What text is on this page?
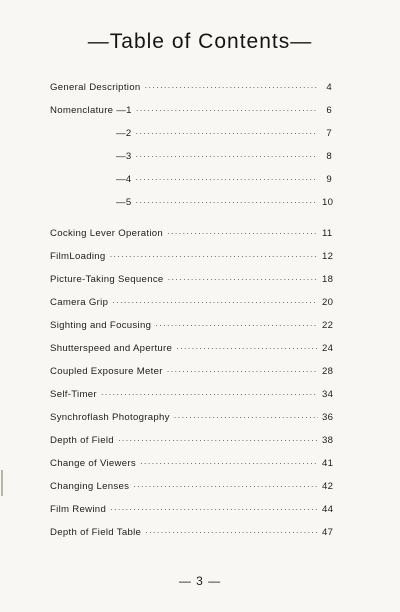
—Table of Contents—
General Description ·····	4
Nomenclature —1 ·····	6
—2 ·····	7
—3 ·····	8
—4 ·····	9
—5 ·····	10
Cocking Lever Operation ·····	11
FilmLoading ·····	12
Picture-Taking Sequence ·····	18
Camera Grip ·····	20
Sighting and Focusing ·····	22
Shutterspeed and Aperture ·····	24
Coupled Exposure Meter ·····	28
Self-Timer ·····	34
Synchroflash Photography ·····	36
Depth of Field ·····	38
Change of Viewers ·····	41
Changing Lenses ·····	42
Film Rewind ·····	44
Depth of Field Table ·····	47
— 3 —
